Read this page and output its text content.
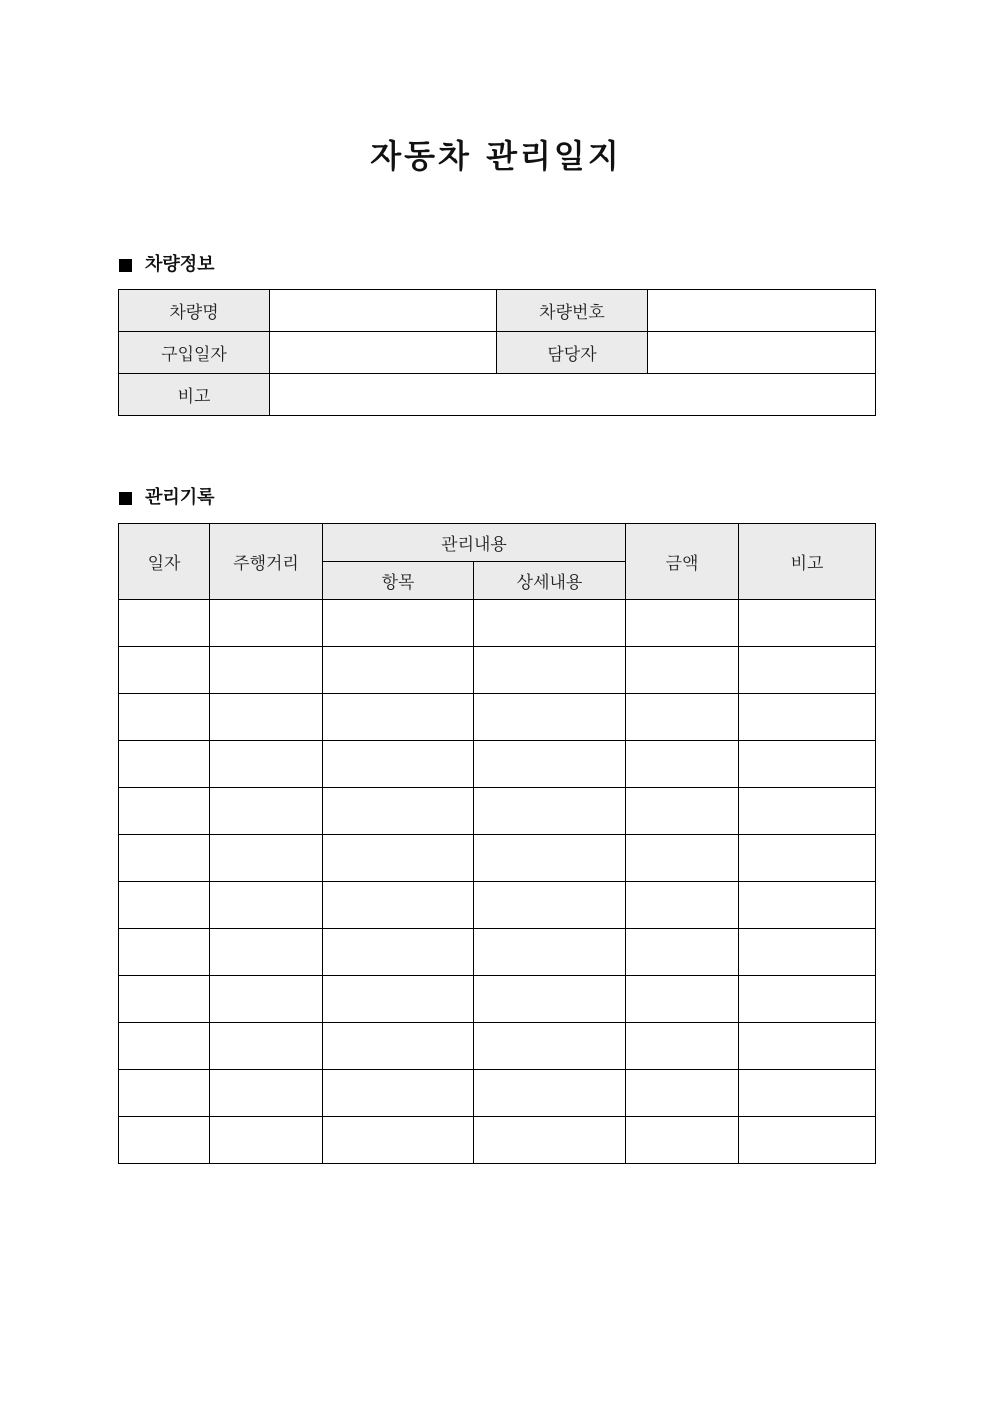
자동차 관리일지
차량정보
차량명		차량번호	
구입일자		담당자	
비고			
관리기록
일자	주행거리	관리내용		금액	비고
		항목	상세내용		
